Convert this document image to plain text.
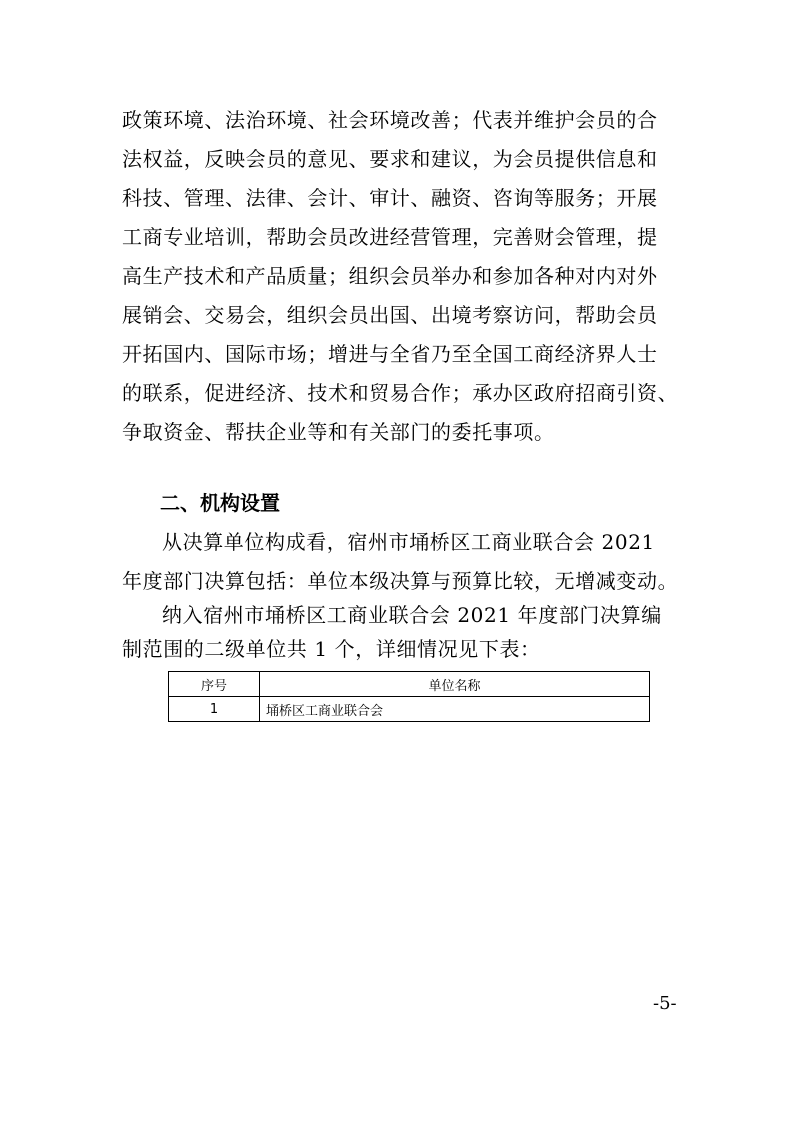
政策环境、法治环境、社会环境改善；代表并维护会员的合
法权益，反映会员的意见、要求和建议，为会员提供信息和
科技、管理、法律、会计、审计、融资、咨询等服务；开展
工商专业培训，帮助会员改进经营管理，完善财会管理，提
高生产技术和产品质量；组织会员举办和参加各种对内对外
展销会、交易会，组织会员出国、出境考察访问，帮助会员
开拓国内、国际市场；增进与全省乃至全国工商经济界人士
的联系，促进经济、技术和贸易合作；承办区政府招商引资、
争取资金、帮扶企业等和有关部门的委托事项。
二、机构设置
从决算单位构成看，宿州市埇桥区工商业联合会 2021
年度部门决算包括：单位本级决算与预算比较，无增减变动。
纳入宿州市埇桥区工商业联合会 2021 年度部门决算编
制范围的二级单位共 1 个，详细情况见下表：
序号	单位名称
1	埇桥区工商业联合会
-5-
